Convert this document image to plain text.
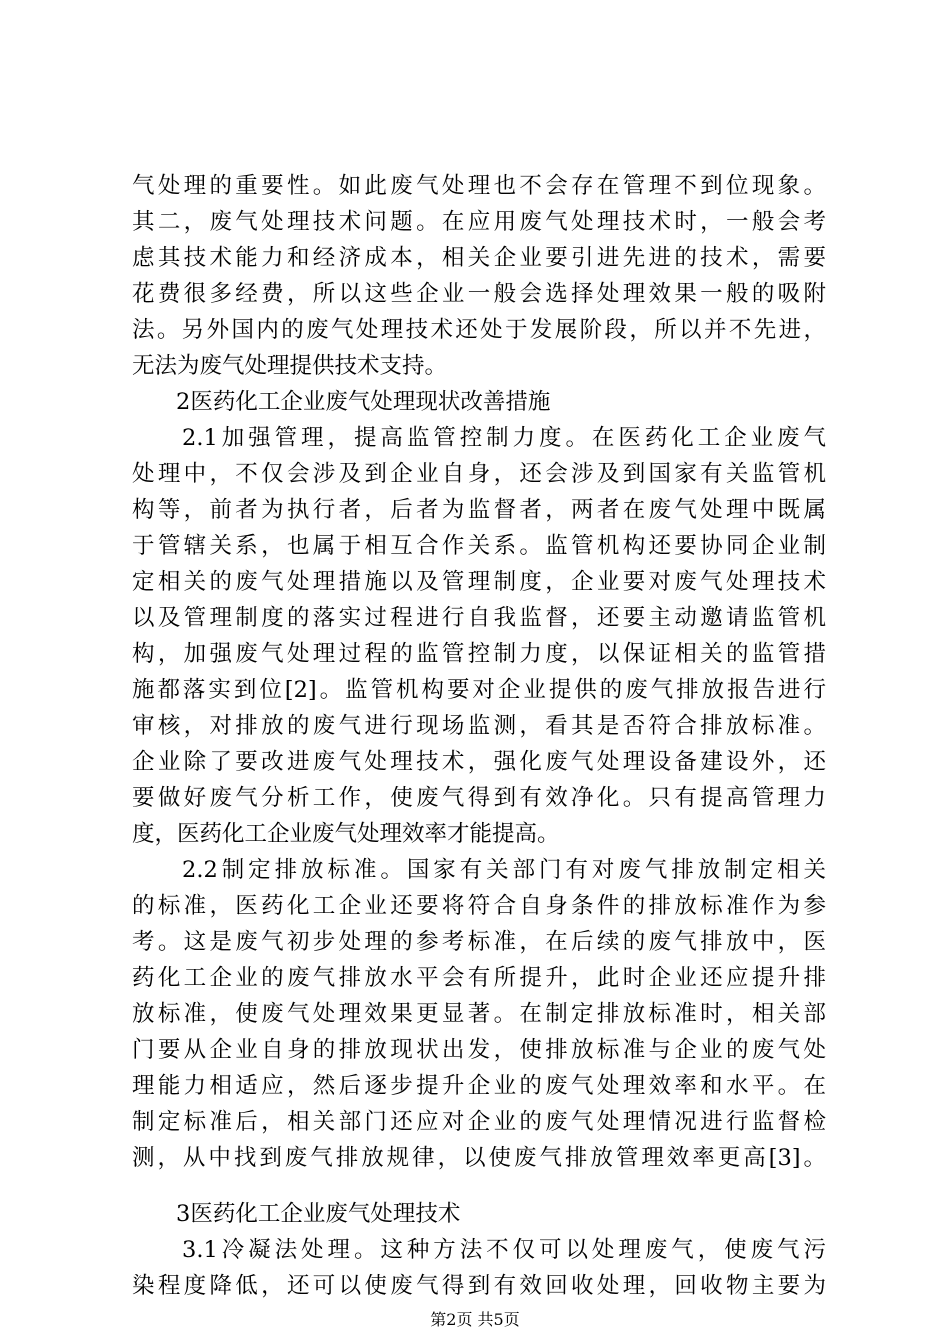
气处理的重要性。如此废气处理也不会存在管理不到位现象。
其二，废气处理技术问题。在应用废气处理技术时，一般会考
虑其技术能力和经济成本，相关企业要引进先进的技术，需要
花费很多经费，所以这些企业一般会选择处理效果一般的吸附
法。另外国内的废气处理技术还处于发展阶段，所以并不先进，
无法为废气处理提供技术支持。
2医药化工企业废气处理现状改善措施
2.1加强管理，提高监管控制力度。在医药化工企业废气
处理中，不仅会涉及到企业自身，还会涉及到国家有关监管机
构等，前者为执行者，后者为监督者，两者在废气处理中既属
于管辖关系，也属于相互合作关系。监管机构还要协同企业制
定相关的废气处理措施以及管理制度，企业要对废气处理技术
以及管理制度的落实过程进行自我监督，还要主动邀请监管机
构，加强废气处理过程的监管控制力度，以保证相关的监管措
施都落实到位[2]。监管机构要对企业提供的废气排放报告进行
审核，对排放的废气进行现场监测，看其是否符合排放标准。
企业除了要改进废气处理技术，强化废气处理设备建设外，还
要做好废气分析工作，使废气得到有效净化。只有提高管理力
度，医药化工企业废气处理效率才能提高。
2.2制定排放标准。国家有关部门有对废气排放制定相关
的标准，医药化工企业还要将符合自身条件的排放标准作为参
考。这是废气初步处理的参考标准，在后续的废气排放中，医
药化工企业的废气排放水平会有所提升，此时企业还应提升排
放标准，使废气处理效果更显著。在制定排放标准时，相关部
门要从企业自身的排放现状出发，使排放标准与企业的废气处
理能力相适应，然后逐步提升企业的废气处理效率和水平。在
制定标准后，相关部门还应对企业的废气处理情况进行监督检
测，从中找到废气排放规律，以使废气排放管理效率更高[3]。
第2页 共5页
3医药化工企业废气处理技术
3.1冷凝法处理。这种方法不仅可以处理废气，使废气污
染程度降低，还可以使废气得到有效回收处理，回收物主要为
